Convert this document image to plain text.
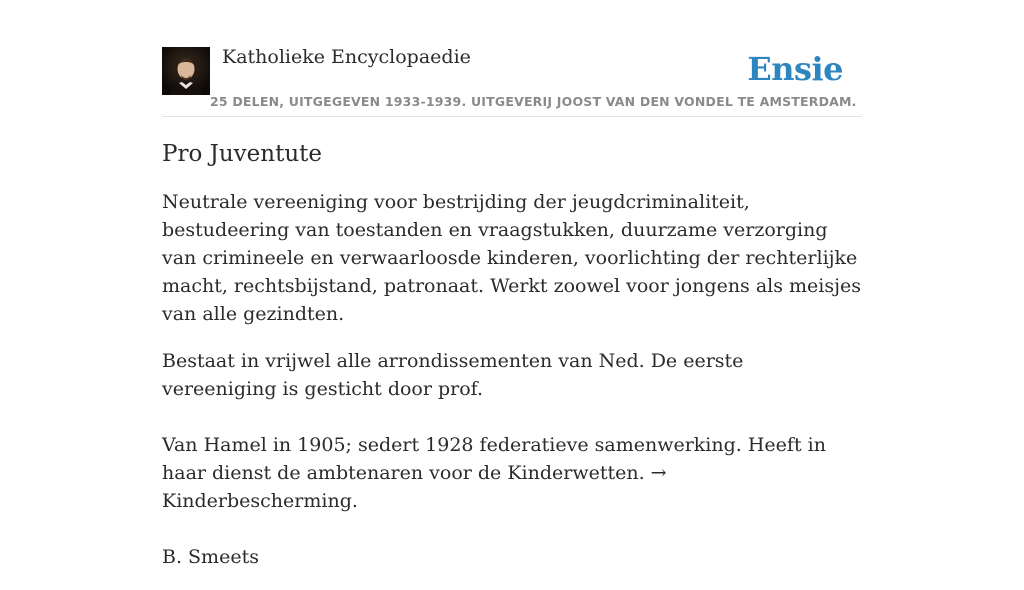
Katholieke Encyclopaedie	Ensie
25 DELEN, UITGEGEVEN 1933-1939. UITGEVERIJ JOOST VAN DEN VONDEL TE AMSTERDAM.
Pro Juventute

Neutrale vereeniging voor bestrijding der jeugdcriminaliteit, bestudeering van toestanden en vraagstukken, duurzame verzorging van crimineele en verwaarloosde kinderen, voorlichting der rechterlijke macht, rechtsbijstand, patronaat. Werkt zoowel voor jongens als meisjes van alle gezindten.

Bestaat in vrijwel alle arrondissementen van Ned. De eerste vereeniging is gesticht door prof.

Van Hamel in 1905; sedert 1928 federatieve samenwerking. Heeft in haar dienst de ambtenaren voor de Kinderwetten. → Kinderbescherming.

B. Smeets
